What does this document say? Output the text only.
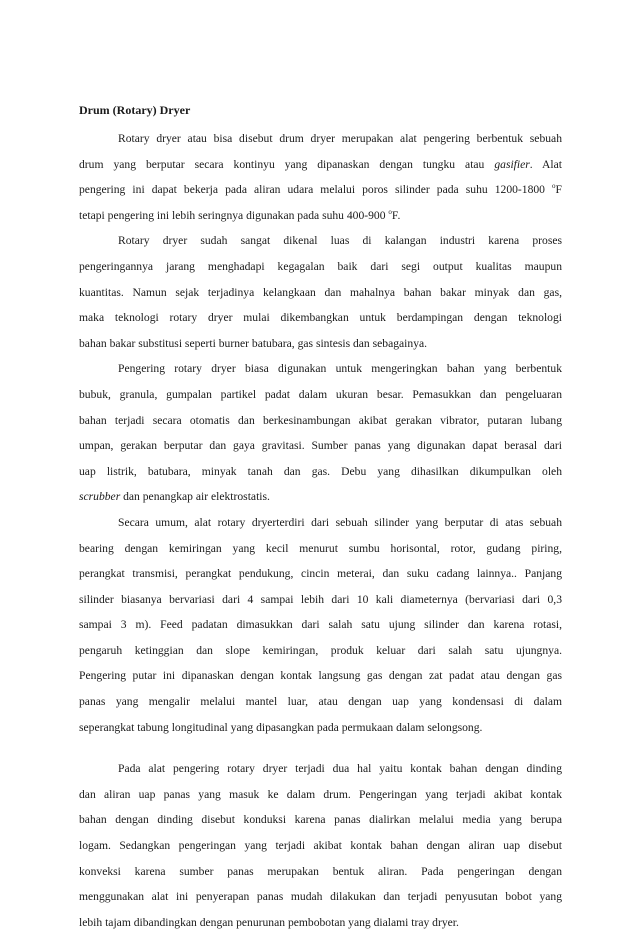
Drum (Rotary) Dryer
Rotary dryer atau bisa disebut drum dryer merupakan alat pengering berbentuk sebuah
drum yang berputar secara kontinyu yang dipanaskan dengan tungku atau gasifier. Alat
pengering ini dapat bekerja pada aliran udara melalui poros silinder pada suhu 1200-1800 $^o$F
tetapi pengering ini lebih seringnya digunakan pada suhu 400-900 $^o$F.
Rotary dryer sudah sangat dikenal luas di kalangan industri karena proses
pengeringannya jarang menghadapi kegagalan baik dari segi output kualitas maupun
kuantitas. Namun sejak terjadinya kelangkaan dan mahalnya bahan bakar minyak dan gas,
maka teknologi rotary dryer mulai dikembangkan untuk berdampingan dengan teknologi
bahan bakar substitusi seperti burner batubara, gas sintesis dan sebagainya.
Pengering rotary dryer biasa digunakan untuk mengeringkan bahan yang berbentuk
bubuk, granula, gumpalan partikel padat dalam ukuran besar. Pemasukkan dan pengeluaran
bahan terjadi secara otomatis dan berkesinambungan akibat gerakan vibrator, putaran lubang
umpan, gerakan berputar dan gaya gravitasi. Sumber panas yang digunakan dapat berasal dari
uap listrik, batubara, minyak tanah dan gas. Debu yang dihasilkan dikumpulkan oleh
scrubber dan penangkap air elektrostatis.
Secara umum, alat rotary dryerterdiri dari sebuah silinder yang berputar di atas sebuah
bearing dengan kemiringan yang kecil menurut sumbu horisontal, rotor, gudang piring,
perangkat transmisi, perangkat pendukung, cincin meterai, dan suku cadang lainnya.. Panjang
silinder biasanya bervariasi dari 4 sampai lebih dari 10 kali diameternya (bervariasi dari 0,3
sampai 3 m). Feed padatan dimasukkan dari salah satu ujung silinder dan karena rotasi,
pengaruh ketinggian dan slope kemiringan, produk keluar dari salah satu ujungnya.
Pengering putar ini dipanaskan dengan kontak langsung gas dengan zat padat atau dengan gas
panas yang mengalir melalui mantel luar, atau dengan uap yang kondensasi di dalam
seperangkat tabung longitudinal yang dipasangkan pada permukaan dalam selongsong.
Pada alat pengering rotary dryer terjadi dua hal yaitu kontak bahan dengan dinding
dan aliran uap panas yang masuk ke dalam drum. Pengeringan yang terjadi akibat kontak
bahan dengan dinding disebut konduksi karena panas dialirkan melalui media yang berupa
logam. Sedangkan pengeringan yang terjadi akibat kontak bahan dengan aliran uap disebut
konveksi karena sumber panas merupakan bentuk aliran. Pada pengeringan dengan
menggunakan alat ini penyerapan panas mudah dilakukan dan terjadi penyusutan bobot yang
lebih tajam dibandingkan dengan penurunan pembobotan yang dialami tray dryer.
